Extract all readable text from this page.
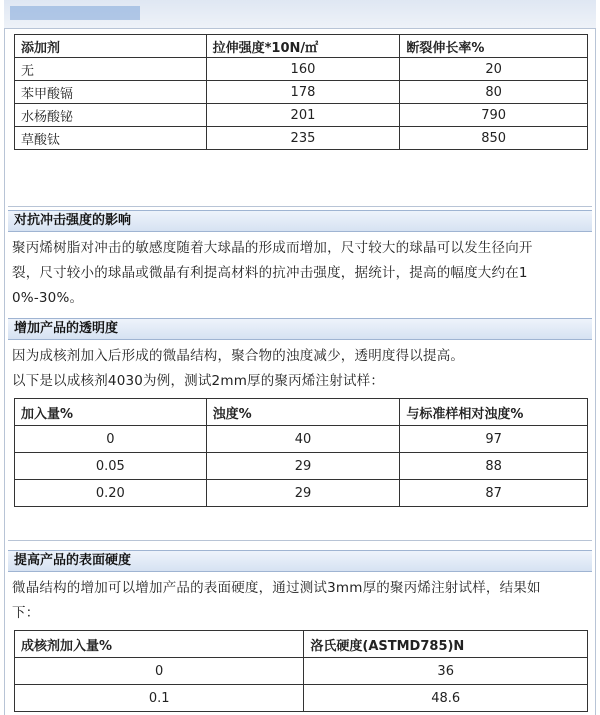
添加剂	拉伸强度*10N/㎡	断裂伸长率%
无	160	20
苯甲酸镉	178	80
水杨酸铋	201	790
草酸钛	235	850
对抗冲击强度的影响
聚丙烯树脂对冲击的敏感度随着大球晶的形成而增加，尺寸较大的球晶可以发生径向开
裂，尺寸较小的球晶或微晶有利提高材料的抗冲击强度，据统计，提高的幅度大约在1
0%-30%。
增加产品的透明度
因为成核剂加入后形成的微晶结构，聚合物的浊度减少，透明度得以提高。
以下是以成核剂4030为例，测试2mm厚的聚丙烯注射试样：
加入量%	浊度%	与标准样相对浊度%
0	40	97
0.05	29	88
0.20	29	87
提高产品的表面硬度
微晶结构的增加可以增加产品的表面硬度，通过测试3mm厚的聚丙烯注射试样，结果如
下：
成核剂加入量%	洛氏硬度(ASTMD785)N
0	36
0.1	48.6
